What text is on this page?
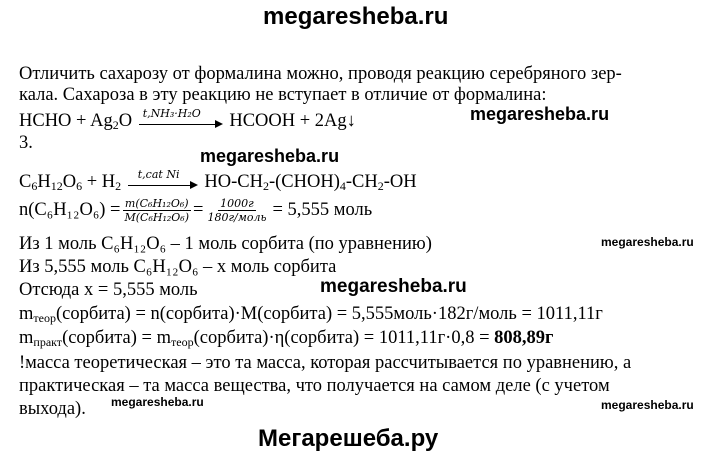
megaresheba.ru
megaresheba.ru
megaresheba.ru
megaresheba.ru
megaresheba.ru
megaresheba.ru
megaresheba.ru
Мегарешеба.ру
Отличить сахарозу от формалина можно, проводя реакцию серебряного зер-
кала. Сахароза в эту реакцию не вступает в отличие от формалина:
HCHO + $Ag_2O$ t,NH₃·H₂O HCOOH + 2Ag↓
3.
$C_6H_{12}O_6 + H_2$
t,cat Ni $HO-CH_2-(CHOH)_4-CH_2-OH$
$n(C_6H_{12}O_6) = \frac{\text{m(C₆H₁₂O₆)}}{\text{M(C₆H₁₂O₆)}} = \frac{1000г}{\text{180г/моль}} = 5,555$ моль
Из 1 моль C₆H₁₂O₆ – 1 моль сорбита (по уравнению)
Из 5,555 моль C₆H₁₂O₆ – х моль сорбита
Отсюда х = 5,555 моль
$m_{теор}(сорбита)$ = n(сорбита)·M(сорбита) = 5,555моль·182г/моль = 1011,11г
$m_{практ}(сорбита)$ = $m_{теор}(сорбита)\cdot\eta(сорбита) = 1011,11г\cdot 0,8 = 808,89г$
!масса теоретическая – это та масса, которая рассчитывается по уравнению, а
практическая – та масса вещества, что получается на самом деле (с учетом
выхода).
